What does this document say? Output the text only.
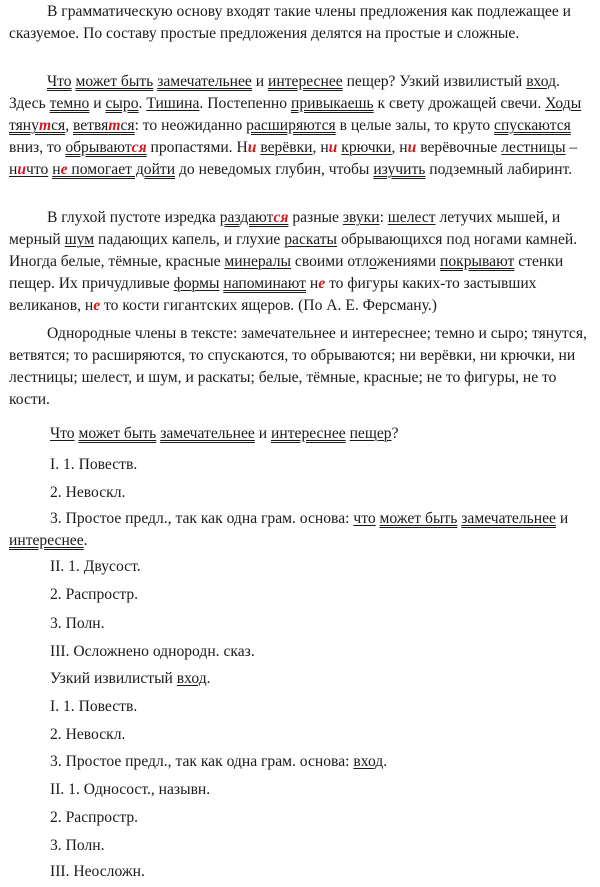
В грамматическую основу входят такие члены предложения как подлежащее и сказуемое. По составу простые предложения делятся на простые и сложные.

Что может быть замечательнее и интереснее пещер? Узкий извилистый вход. Здесь темно и сыро. Тишина. Постепенно привыкаешь к свету дрожащей свечи. Ходы тянутся, ветвятся: то неожиданно расширяются в целые залы, то круто спускаются вниз, то обрываются пропастями. Ни верёвки, ни крючки, ни верёвочные лестницы – ничто не помогает дойти до неведомых глубин, чтобы изучить подземный лабиринт.

В глухой пустоте изредка раздаются разные звуки: шелест летучих мышей, и мерный шум падающих капель, и глухие раскаты обрывающихся под ногами камней. Иногда белые, тёмные, красные минералы своими отложениями покрывают стенки пещер. Их причудливые формы напоминают не то фигуры каких-то застывших великанов, не то кости гигантских ящеров. (По А. Е. Ферсману.)

Однородные члены в тексте: замечательнее и интереснее; темно и сыро; тянутся, ветвятся; то расширяются, то спускаются, то обрываются; ни верёвки, ни крючки, ни лестницы; шелест, и шум, и раскаты; белые, тёмные, красные; не то фигуры, не то кости.

Что может быть замечательнее и интереснее пещер?

I. 1. Повеств.

2. Невоскл.

3. Простое предл., так как одна грам. основа: что может быть замечательнее и интереснее.

II. 1. Двусост.

2. Распростр.

3. Полн.

III. Осложнено однородн. сказ.

Узкий извилистый вход.

I. 1. Повеств.

2. Невоскл.

3. Простое предл., так как одна грам. основа: вход.

II. 1. Односост., назывн.

2. Распростр.

3. Полн.

III. Неосложн.
